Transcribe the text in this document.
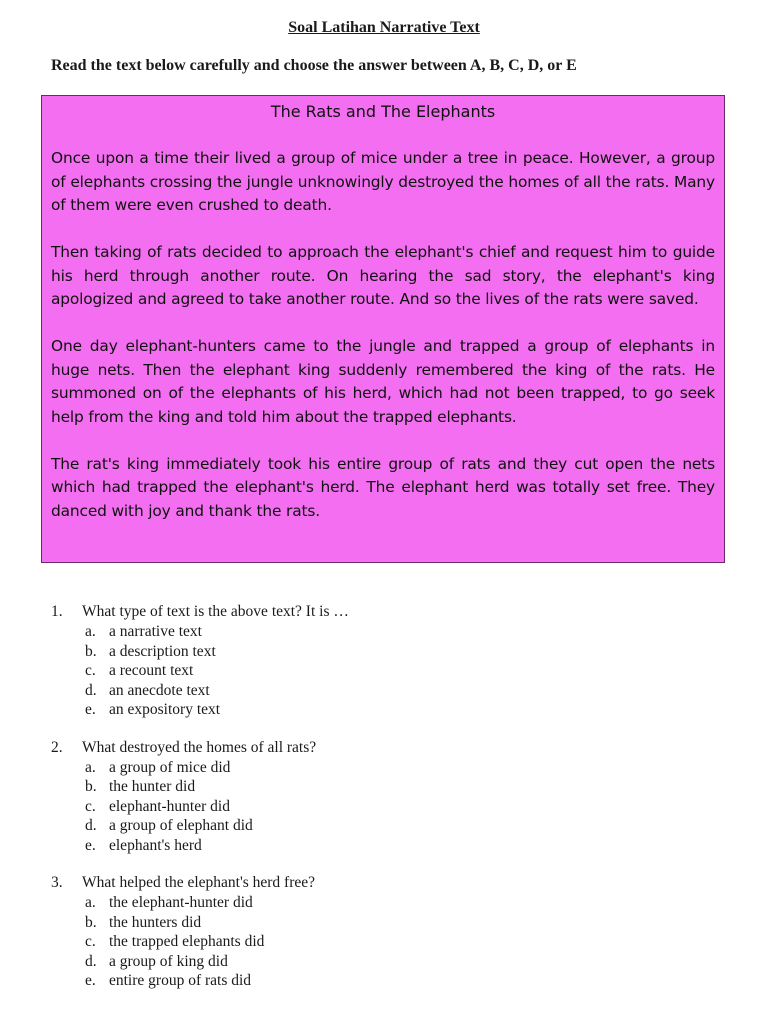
Soal Latihan Narrative Text
Read the text below carefully and choose the answer between A, B, C, D, or E
The Rats and The Elephants

Once upon a time their lived a group of mice under a tree in peace. However, a group of elephants crossing the jungle unknowingly destroyed the homes of all the rats. Many of them were even crushed to death.

Then taking of rats decided to approach the elephant's chief and request him to guide his herd through another route. On hearing the sad story, the elephant's king apologized and agreed to take another route. And so the lives of the rats were saved.

One day elephant-hunters came to the jungle and trapped a group of elephants in huge nets. Then the elephant king suddenly remembered the king of the rats. He summoned on of the elephants of his herd, which had not been trapped, to go seek help from the king and told him about the trapped elephants.

The rat's king immediately took his entire group of rats and they cut open the nets which had trapped the elephant's herd. The elephant herd was totally set free. They danced with joy and thank the rats.

1.	What type of text is the above text? It is …
a. a narrative text
b. a description text
c. a recount text
d. an anecdote text
e. an expository text
2.	What destroyed the homes of all rats?
a. a group of mice did
b. the hunter did
c. elephant-hunter did
d. a group of elephant did
e. elephant's herd
3.	What helped the elephant's herd free?
a. the elephant-hunter did
b. the hunters did
c. the trapped elephants did
d. a group of king did
e. entire group of rats did
